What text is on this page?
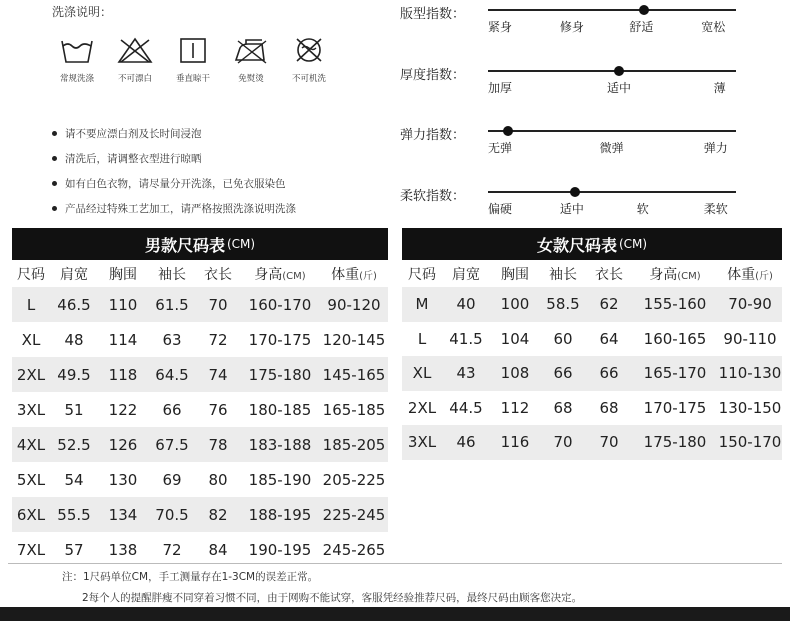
洗涤说明：
常规洗涤	不可漂白	垂直晾干	免熨烫	不可机洗
请不要应漂白剂及长时间浸泡
清洗后，请调整衣型进行晾晒
如有白色衣物，请尽量分开洗涤，已免衣服染色
产品经过特殊工艺加工，请严格按照洗涤说明洗涤
版型指数：
紧身	修身	舒适	宽松
厚度指数：
加厚	适中	薄
弹力指数：
无弹	微弹	弹力
柔软指数：
偏硬	适中	软	柔软
男款尺码表 (CM)
尺码	肩宽	胸围	袖长	衣长	身高(CM)	体重(斤)
L	46.5	110	61.5	70	160-170	90-120
XL	48	114	63	72	170-175 120-145
2XL 49.5	118	64.5	74	175-180 145-165
3XL	51	122	66	76	180-185 165-185
4XL 52.5	126	67.5	78	183-188 185-205
5XL	54	130	69	80	185-190 205-225
6XL 55.5	134	70.5	82	188-195 225-245
7XL	57	138	72	84	190-195 245-265
女款尺码表 (CM)
尺码	肩宽	胸围	袖长	衣长	身高(CM)	体重(斤)
M	40	100	58.5	62	155-160	70-90
L	41.5	104	60	64	160-165	90-110
XL	43	108	66	66	165-170 110-130
2XL 44.5	112	68	68	170-175 130-150
3XL	46	116	70	70	175-180 150-170
注：1尺码单位CM，手工测量存在1-3CM的误差正常。
2每个人的提醒胖瘦不同穿着习惯不同，由于网购不能试穿，客服凭经验推荐尺码，最终尺码由顾客您决定。
